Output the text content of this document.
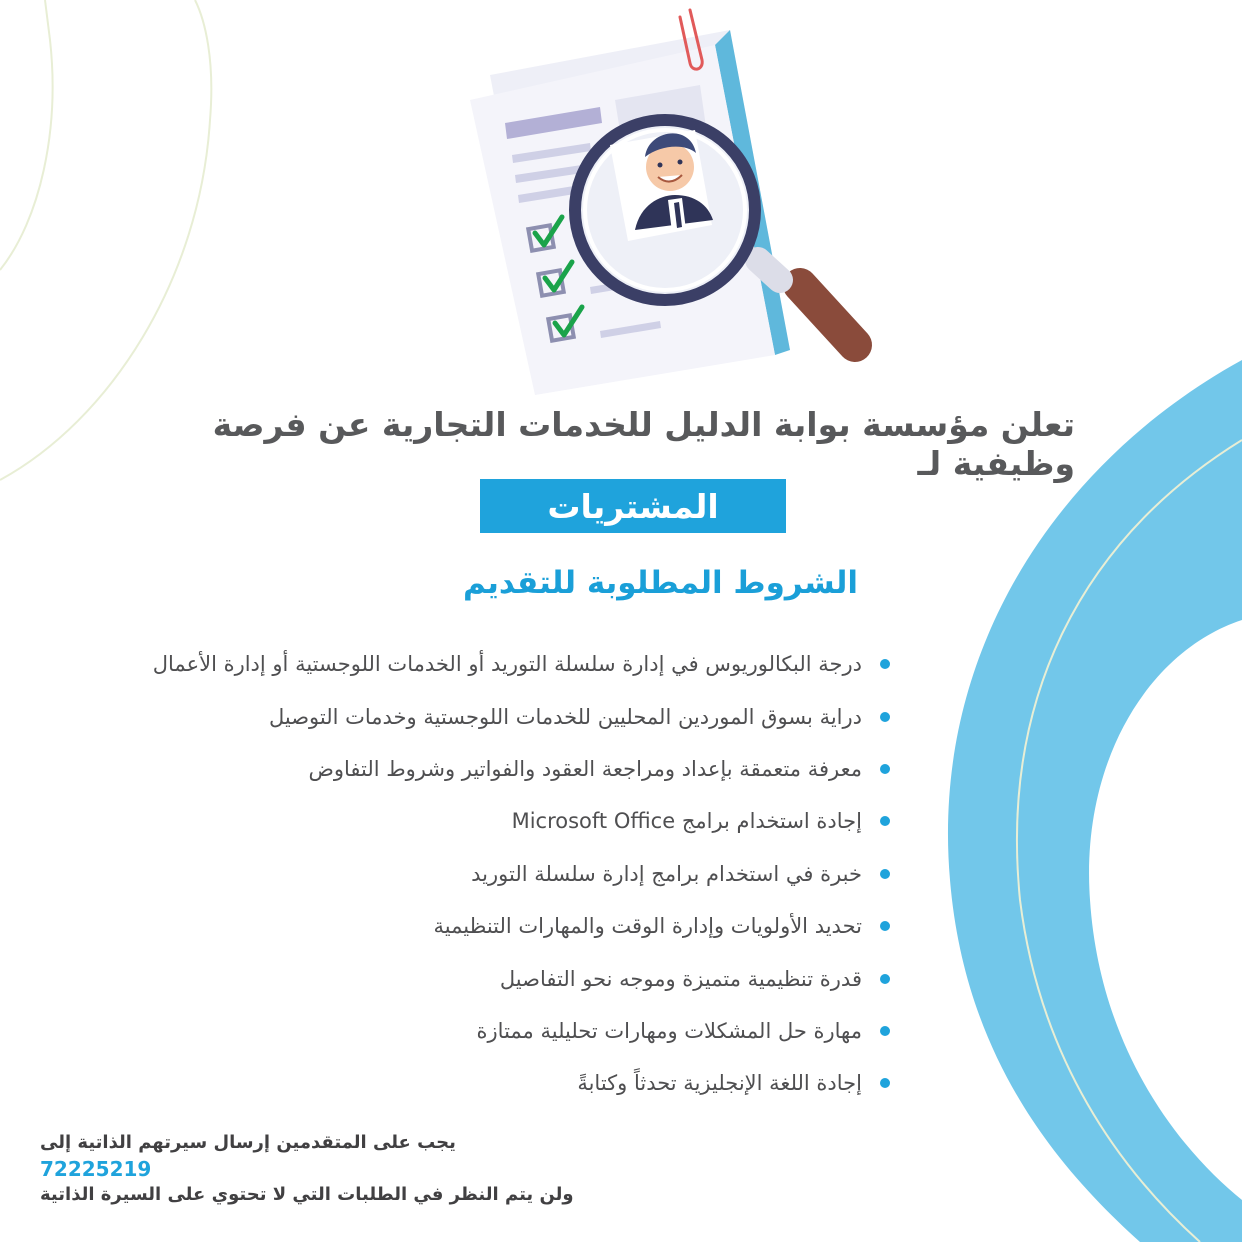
تعلن مؤسسة بوابة الدليل للخدمات التجارية عن فرصة وظيفية لـ
المشتريات
الشروط المطلوبة للتقديم
درجة البكالوريوس في إدارة سلسلة التوريد أو الخدمات اللوجستية أو إدارة الأعمال
دراية بسوق الموردين المحليين للخدمات اللوجستية وخدمات التوصيل
معرفة متعمقة بإعداد ومراجعة العقود والفواتير وشروط التفاوض
إجادة استخدام برامج Microsoft Office
خبرة في استخدام برامج إدارة سلسلة التوريد
تحديد الأولويات وإدارة الوقت والمهارات التنظيمية
قدرة تنظيمية متميزة وموجه نحو التفاصيل
مهارة حل المشكلات ومهارات تحليلية ممتازة
إجادة اللغة الإنجليزية تحدثاً وكتابةً
يجب على المتقدمين إرسال سيرتهم الذاتية إلى
72225219
ولن يتم النظر في الطلبات التي لا تحتوي على السيرة الذاتية
